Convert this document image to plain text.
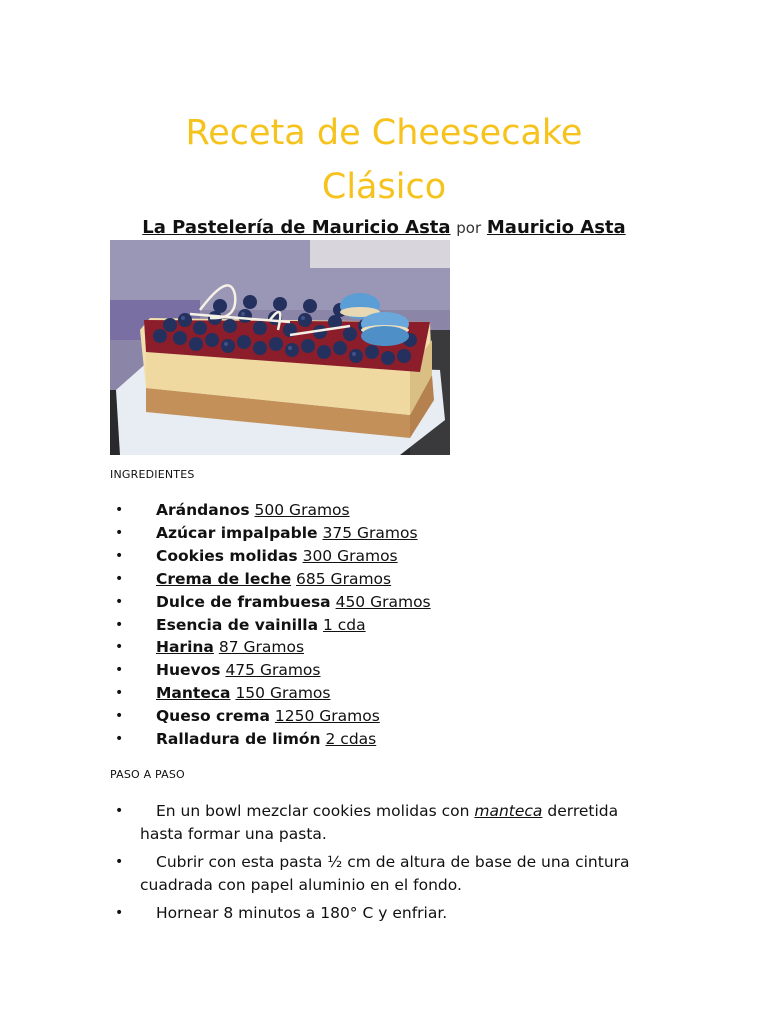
Receta de Cheesecake
Clásico
La Pastelería de Mauricio Asta por Mauricio Asta
INGREDIENTES
• Arándanos 500 Gramos
• Azúcar impalpable 375 Gramos
• Cookies molidas 300 Gramos
• Crema de leche 685 Gramos
• Dulce de frambuesa 450 Gramos
• Esencia de vainilla 1 cda
• Harina 87 Gramos
• Huevos 475 Gramos
• Manteca 150 Gramos
• Queso crema 1250 Gramos
• Ralladura de limón 2 cdas
PASO A PASO
• En un bowl mezclar cookies molidas con manteca derretida hasta formar una pasta.
• Cubrir con esta pasta ½ cm de altura de base de una cintura cuadrada con papel aluminio en el fondo.
• Hornear 8 minutos a 180° C y enfriar.
